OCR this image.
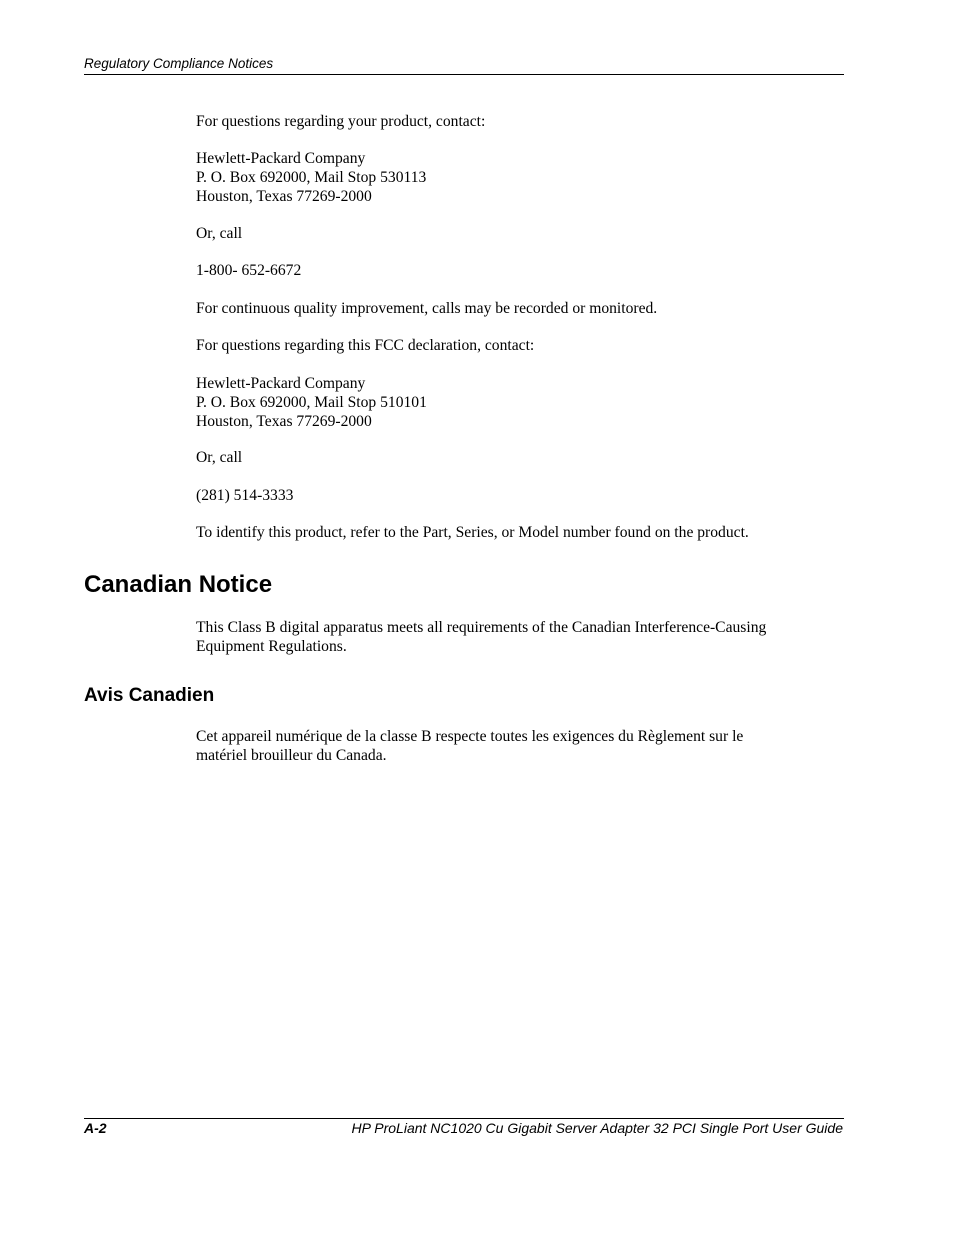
Regulatory Compliance Notices

For questions regarding your product, contact:

Hewlett-Packard Company
P. O. Box 692000, Mail Stop 530113
Houston, Texas 77269-2000

Or, call

1-800- 652-6672

For continuous quality improvement, calls may be recorded or monitored.

For questions regarding this FCC declaration, contact:

Hewlett-Packard Company
P. O. Box 692000, Mail Stop 510101
Houston, Texas 77269-2000

Or, call

(281) 514-3333

To identify this product, refer to the Part, Series, or Model number found on the product.

Canadian Notice

This Class B digital apparatus meets all requirements of the Canadian Interference-Causing
Equipment Regulations.

Avis Canadien

Cet appareil numérique de la classe B respecte toutes les exigences du Règlement sur le
matériel brouilleur du Canada.

A-2	HP ProLiant NC1020 Cu Gigabit Server Adapter 32 PCI Single Port User Guide
